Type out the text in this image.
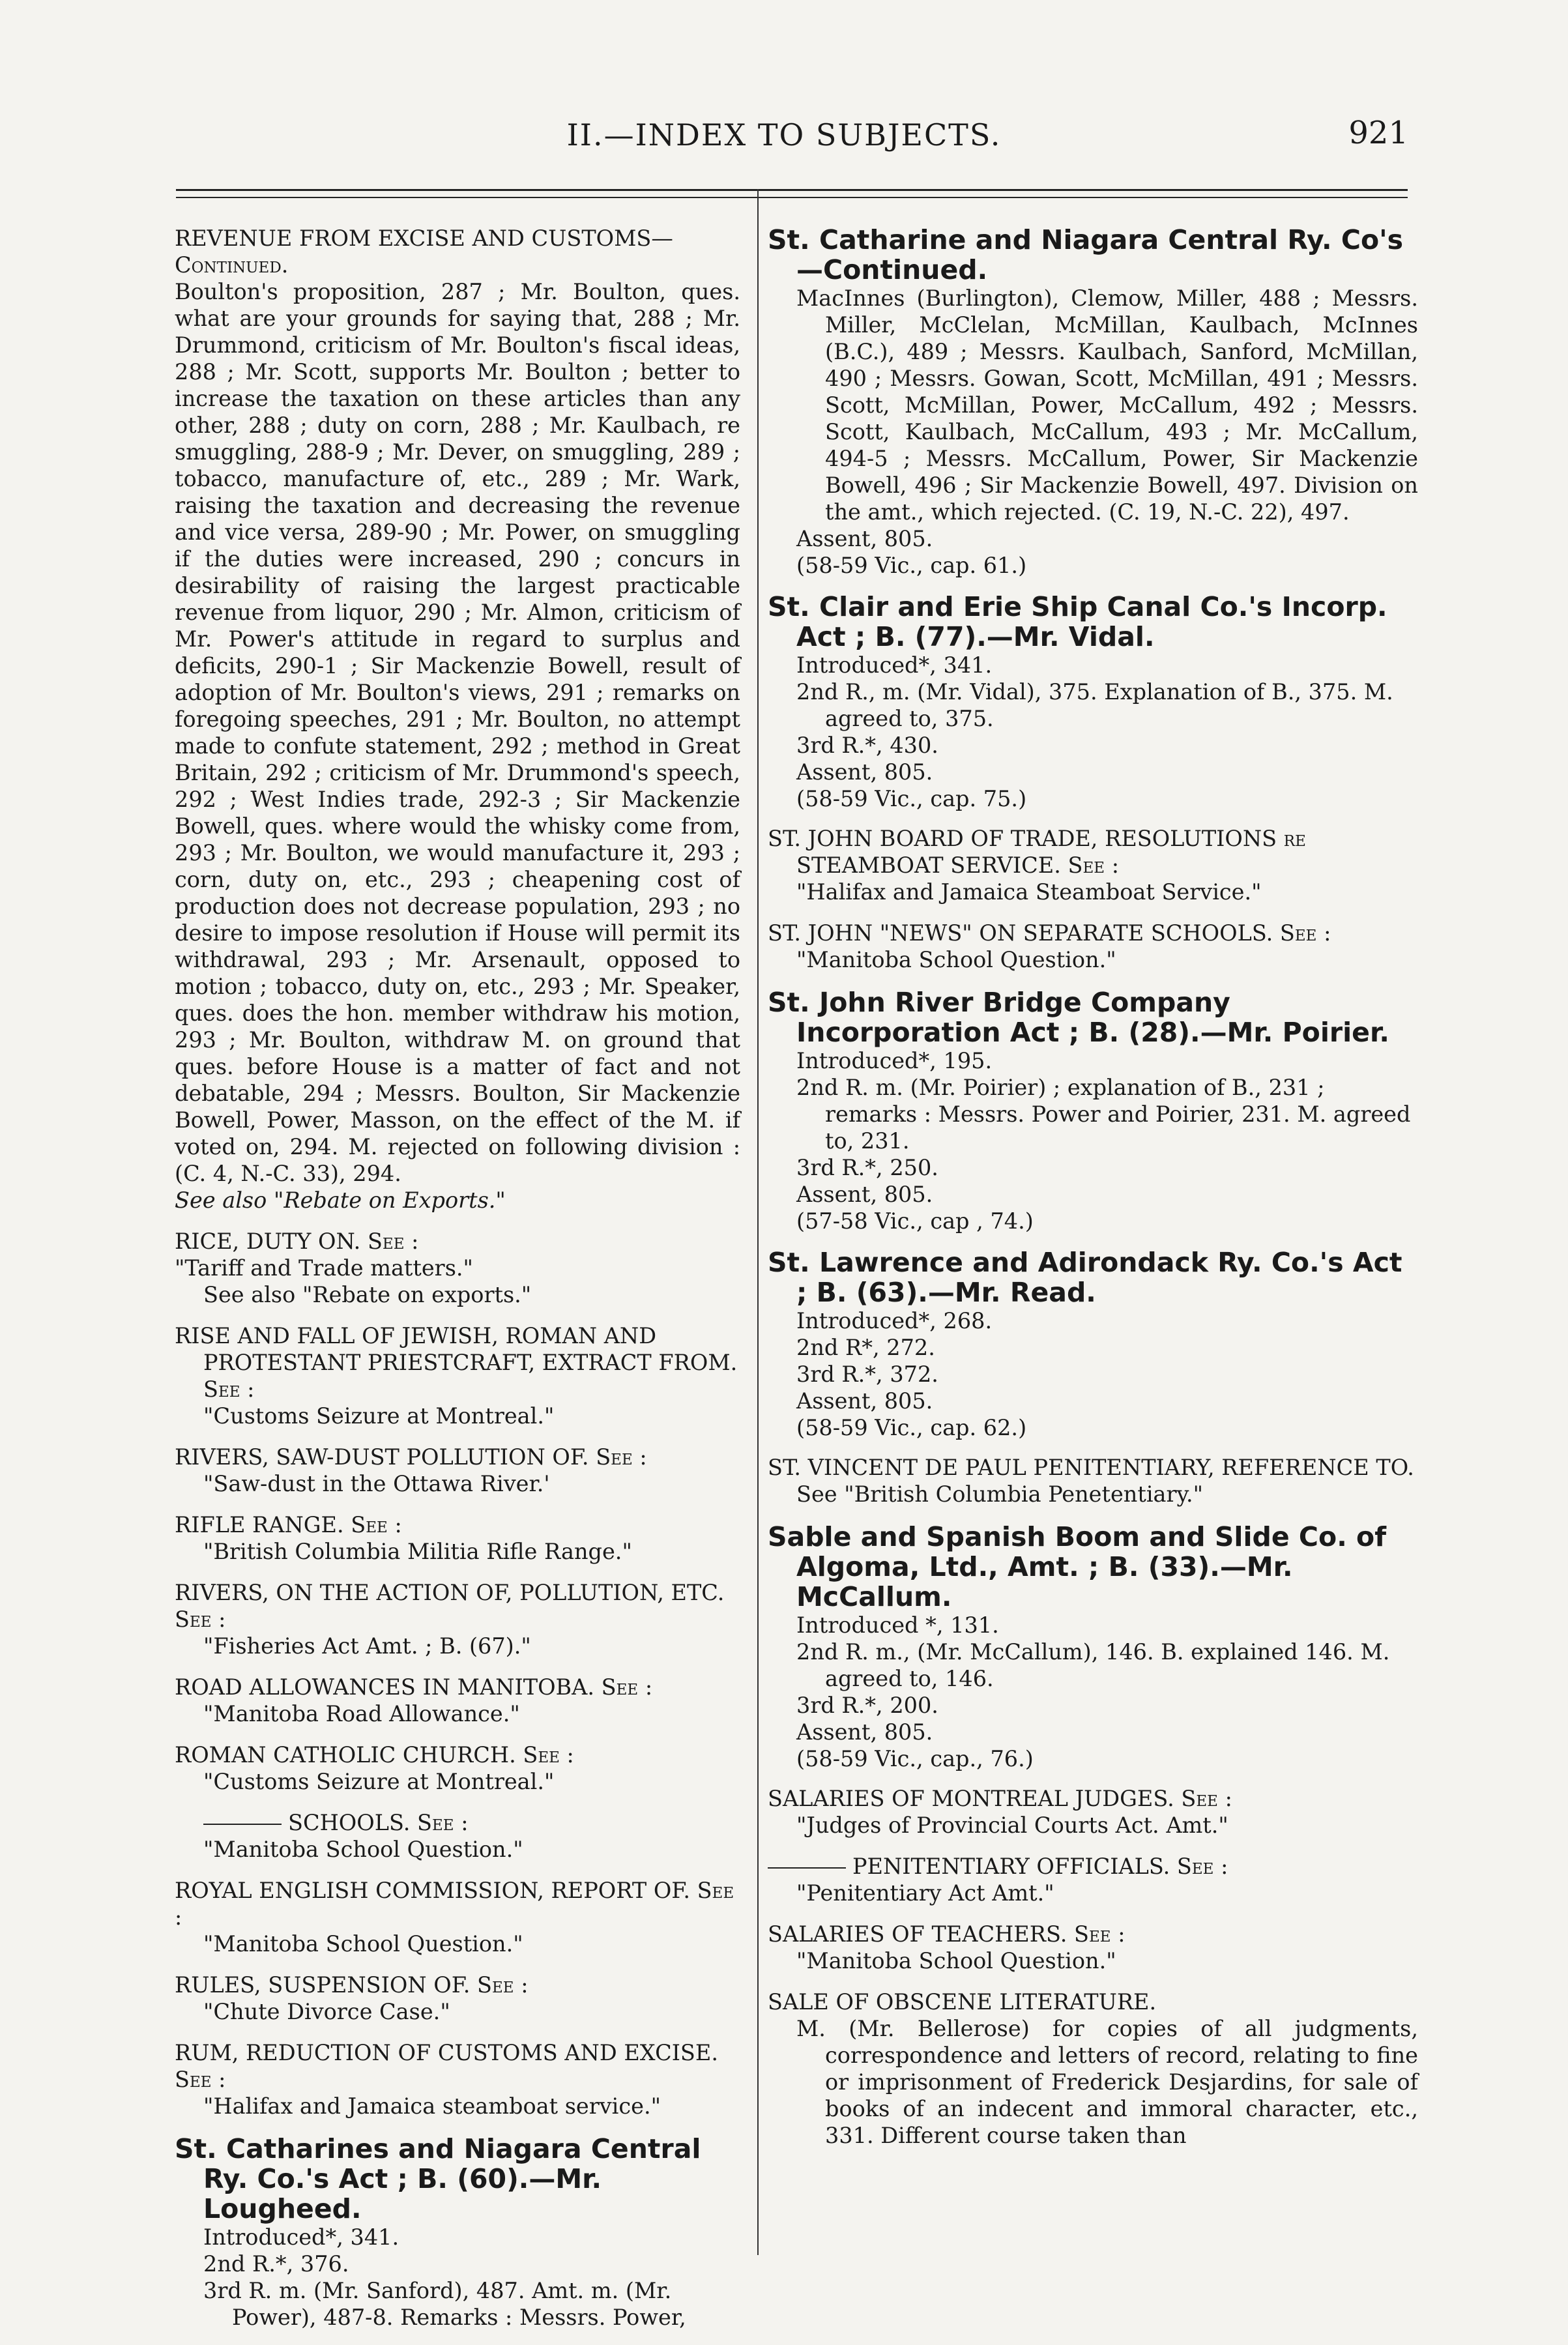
II.—INDEX TO SUBJECTS.	921

REVENUE FROM EXCISE AND CUSTOMS—Continued.

Boulton's proposition, 287 ; Mr. Boulton, ques. what are your grounds for saying that, 288 ; Mr. Drummond, criticism of Mr. Boulton's fiscal ideas, 288 ; Mr. Scott, supports Mr. Boulton ; better to increase the taxation on these articles than any other, 288 ; duty on corn, 288 ; Mr. Kaulbach, re smuggling, 288-9 ; Mr. Dever, on smuggling, 289 ; tobacco, manufacture of, etc., 289 ; Mr. Wark, raising the taxation and decreasing the revenue and vice versa, 289-90 ; Mr. Power, on smuggling if the duties were increased, 290 ; concurs in desirability of raising the largest practicable revenue from liquor, 290 ; Mr. Almon, criticism of Mr. Power's attitude in regard to surplus and deficits, 290-1 ; Sir Mackenzie Bowell, result of adoption of Mr. Boulton's views, 291 ; remarks on foregoing speeches, 291 ; Mr. Boulton, no attempt made to confute statement, 292 ; method in Great Britain, 292 ; criticism of Mr. Drummond's speech, 292 ; West Indies trade, 292-3 ; Sir Mackenzie Bowell, ques. where would the whisky come from, 293 ; Mr. Boulton, we would manufacture it, 293 ; corn, duty on, etc., 293 ; cheapening cost of production does not decrease population, 293 ; no desire to impose resolution if House will permit its withdrawal, 293 ; Mr. Arsenault, opposed to motion ; tobacco, duty on, etc., 293 ; Mr. Speaker, ques. does the hon. member withdraw his motion, 293 ; Mr. Boulton, withdraw M. on ground that ques. before House is a matter of fact and not debatable, 294 ; Messrs. Boulton, Sir Mackenzie Bowell, Power, Masson, on the effect of the M. if voted on, 294. M. rejected on following division : (C. 4, N.-C. 33), 294.

See also "Rebate on Exports."

RICE, DUTY ON. See :

"Tariff and Trade matters."

See also "Rebate on exports."

RISE AND FALL OF JEWISH, ROMAN AND PROTESTANT PRIESTCRAFT, EXTRACT FROM. See :

"Customs Seizure at Montreal."

RIVERS, SAW-DUST POLLUTION OF. See :

"Saw-dust in the Ottawa River.'

RIFLE RANGE. See :

"British Columbia Militia Rifle Range."

RIVERS, ON THE ACTION OF, POLLUTION, ETC. See :

"Fisheries Act Amt. ; B. (67)."

ROAD ALLOWANCES IN MANITOBA. See :

"Manitoba Road Allowance."

ROMAN CATHOLIC CHURCH. See :

"Customs Seizure at Montreal."

SCHOOLS. See :

"Manitoba School Question."

ROYAL ENGLISH COMMISSION, REPORT OF. See :

"Manitoba School Question."

RULES, SUSPENSION OF. See :

"Chute Divorce Case."

RUM, REDUCTION OF CUSTOMS AND EXCISE. See :

"Halifax and Jamaica steamboat service."

St. Catharines and Niagara Central Ry. Co.'s Act ; B. (60).—Mr. Lougheed.

Introduced*, 341.

2nd R.*, 376.

3rd R. m. (Mr. Sanford), 487. Amt. m. (Mr. Power), 487-8. Remarks : Messrs. Power,

St. Catharine and Niagara Central Ry. Co's—Continued.

MacInnes (Burlington), Clemow, Miller, 488 ; Messrs. Miller, McClelan, McMillan, Kaulbach, McInnes (B.C.), 489 ; Messrs. Kaulbach, Sanford, McMillan, 490 ; Messrs. Gowan, Scott, McMillan, 491 ; Messrs. Scott, McMillan, Power, McCallum, 492 ; Messrs. Scott, Kaulbach, McCallum, 493 ; Mr. McCallum, 494-5 ; Messrs. McCallum, Power, Sir Mackenzie Bowell, 496 ; Sir Mackenzie Bowell, 497. Division on the amt., which rejected. (C. 19, N.-C. 22), 497.

Assent, 805.

(58-59 Vic., cap. 61.)

St. Clair and Erie Ship Canal Co.'s Incorp. Act ; B. (77).—Mr. Vidal.

Introduced*, 341.

2nd R., m. (Mr. Vidal), 375. Explanation of B., 375. M. agreed to, 375.

3rd R.*, 430.

Assent, 805.

(58-59 Vic., cap. 75.)

ST. JOHN BOARD OF TRADE, RESOLUTIONS re STEAMBOAT SERVICE. See :

"Halifax and Jamaica Steamboat Service."

ST. JOHN "NEWS" ON SEPARATE SCHOOLS. See :

"Manitoba School Question."

St. John River Bridge Company Incorporation Act ; B. (28).—Mr. Poirier.

Introduced*, 195.

2nd R. m. (Mr. Poirier) ; explanation of B., 231 ; remarks : Messrs. Power and Poirier, 231. M. agreed to, 231.

3rd R.*, 250.

Assent, 805.

(57-58 Vic., cap , 74.)

St. Lawrence and Adirondack Ry. Co.'s Act ; B. (63).—Mr. Read.

Introduced*, 268.

2nd R*, 272.

3rd R.*, 372.

Assent, 805.

(58-59 Vic., cap. 62.)

ST. VINCENT DE PAUL PENITENTIARY, REFERENCE TO.

See "British Columbia Penetentiary."

Sable and Spanish Boom and Slide Co. of Algoma, Ltd., Amt. ; B. (33).—Mr. McCallum.

Introduced *, 131.

2nd R. m., (Mr. McCallum), 146. B. explained 146. M. agreed to, 146.

3rd R.*, 200.

Assent, 805.

(58-59 Vic., cap., 76.)

SALARIES OF MONTREAL JUDGES. See :

"Judges of Provincial Courts Act. Amt."

PENITENTIARY OFFICIALS. See :

"Penitentiary Act Amt."

SALARIES OF TEACHERS. See :

"Manitoba School Question."

SALE OF OBSCENE LITERATURE.

M. (Mr. Bellerose) for copies of all judgments, correspondence and letters of record, relating to fine or imprisonment of Frederick Desjardins, for sale of books of an indecent and immoral character, etc., 331. Different course taken than
